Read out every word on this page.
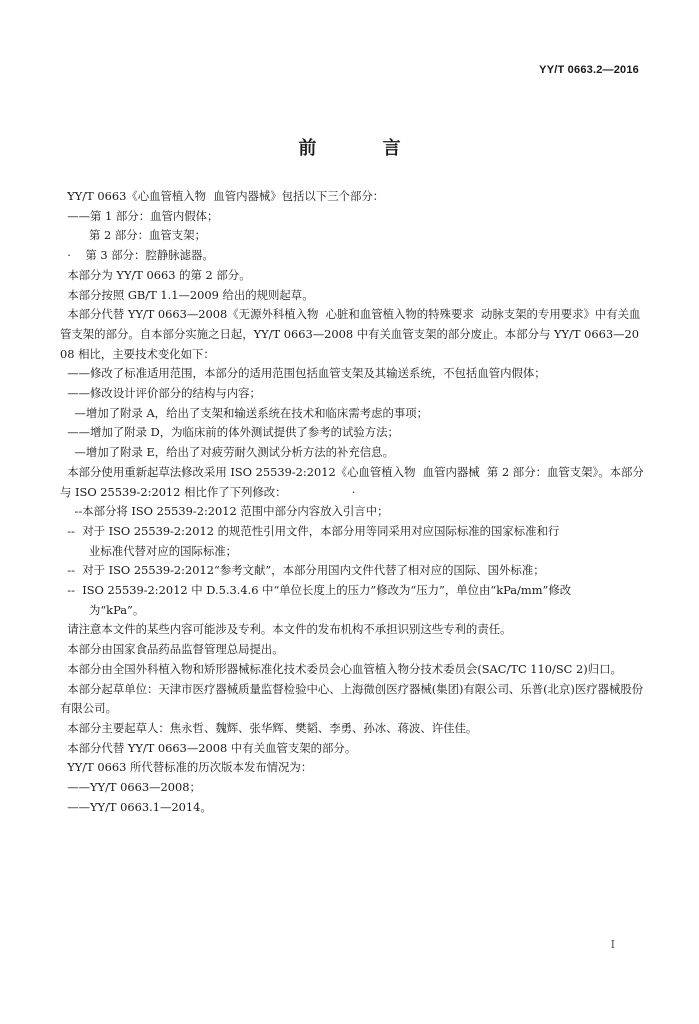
YY/T 0663.2—2016
前 言

YY/T 0663《心血管植入物  血管内器械》包括以下三个部分：

——第 1 部分：血管内假体；

第 2 部分：血管支架；

·    第 3 部分：腔静脉滤器。

本部分为 YY/T 0663 的第 2 部分。

本部分按照 GB/T 1.1—2009 给出的规则起草。

本部分代替 YY/T 0663—2008《无源外科植入物  心脏和血管植入物的特殊要求  动脉支架的专用要求》中有关血管支架的部分。自本部分实施之日起，YY/T 0663—2008 中有关血管支架的部分废止。本部分与 YY/T 0663—2008 相比，主要技术变化如下：

——修改了标准适用范围，本部分的适用范围包括血管支架及其输送系统，不包括血管内假体；

——修改设计评价部分的结构与内容；

—增加了附录 A，给出了支架和输送系统在技术和临床需考虑的事项；

——增加了附录 D，为临床前的体外测试提供了参考的试验方法；

—增加了附录 E，给出了对疲劳耐久测试分析方法的补充信息。

本部分使用重新起草法修改采用 ISO 25539-2:2012《心血管植入物  血管内器械  第 2 部分：血管支架》。本部分与 ISO 25539-2:2012 相比作了下列修改：                  ·

--本部分将 ISO 25539-2:2012 范围中部分内容放入引言中；

--  对于 ISO 25539-2:2012 的规范性引用文件，本部分用等同采用对应国际标准的国家标准和行
业标准代替对应的国际标准；

--  对于 ISO 25539-2:2012“参考文献”，本部分用国内文件代替了相对应的国际、国外标准；

--  ISO 25539-2:2012 中 D.5.3.4.6 中“单位长度上的压力”修改为“压力”，单位由“kPa/mm”修改
为“kPa”。

请注意本文件的某些内容可能涉及专利。本文件的发布机构不承担识别这些专利的责任。

本部分由国家食品药品监督管理总局提出。

本部分由全国外科植入物和矫形器械标准化技术委员会心血管植入物分技术委员会(SAC/TC 110/SC 2)归口。

本部分起草单位：天津市医疗器械质量监督检验中心、上海微创医疗器械(集团)有限公司、乐普(北京)医疗器械股份有限公司。

本部分主要起草人：焦永哲、魏辉、张华辉、樊韬、李勇、孙冰、蒋波、许佳佳。

本部分代替 YY/T 0663—2008 中有关血管支架的部分。

YY/T 0663 所代替标准的历次版本发布情况为：

——YY/T 0663—2008；

——YY/T 0663.1—2014。

I
